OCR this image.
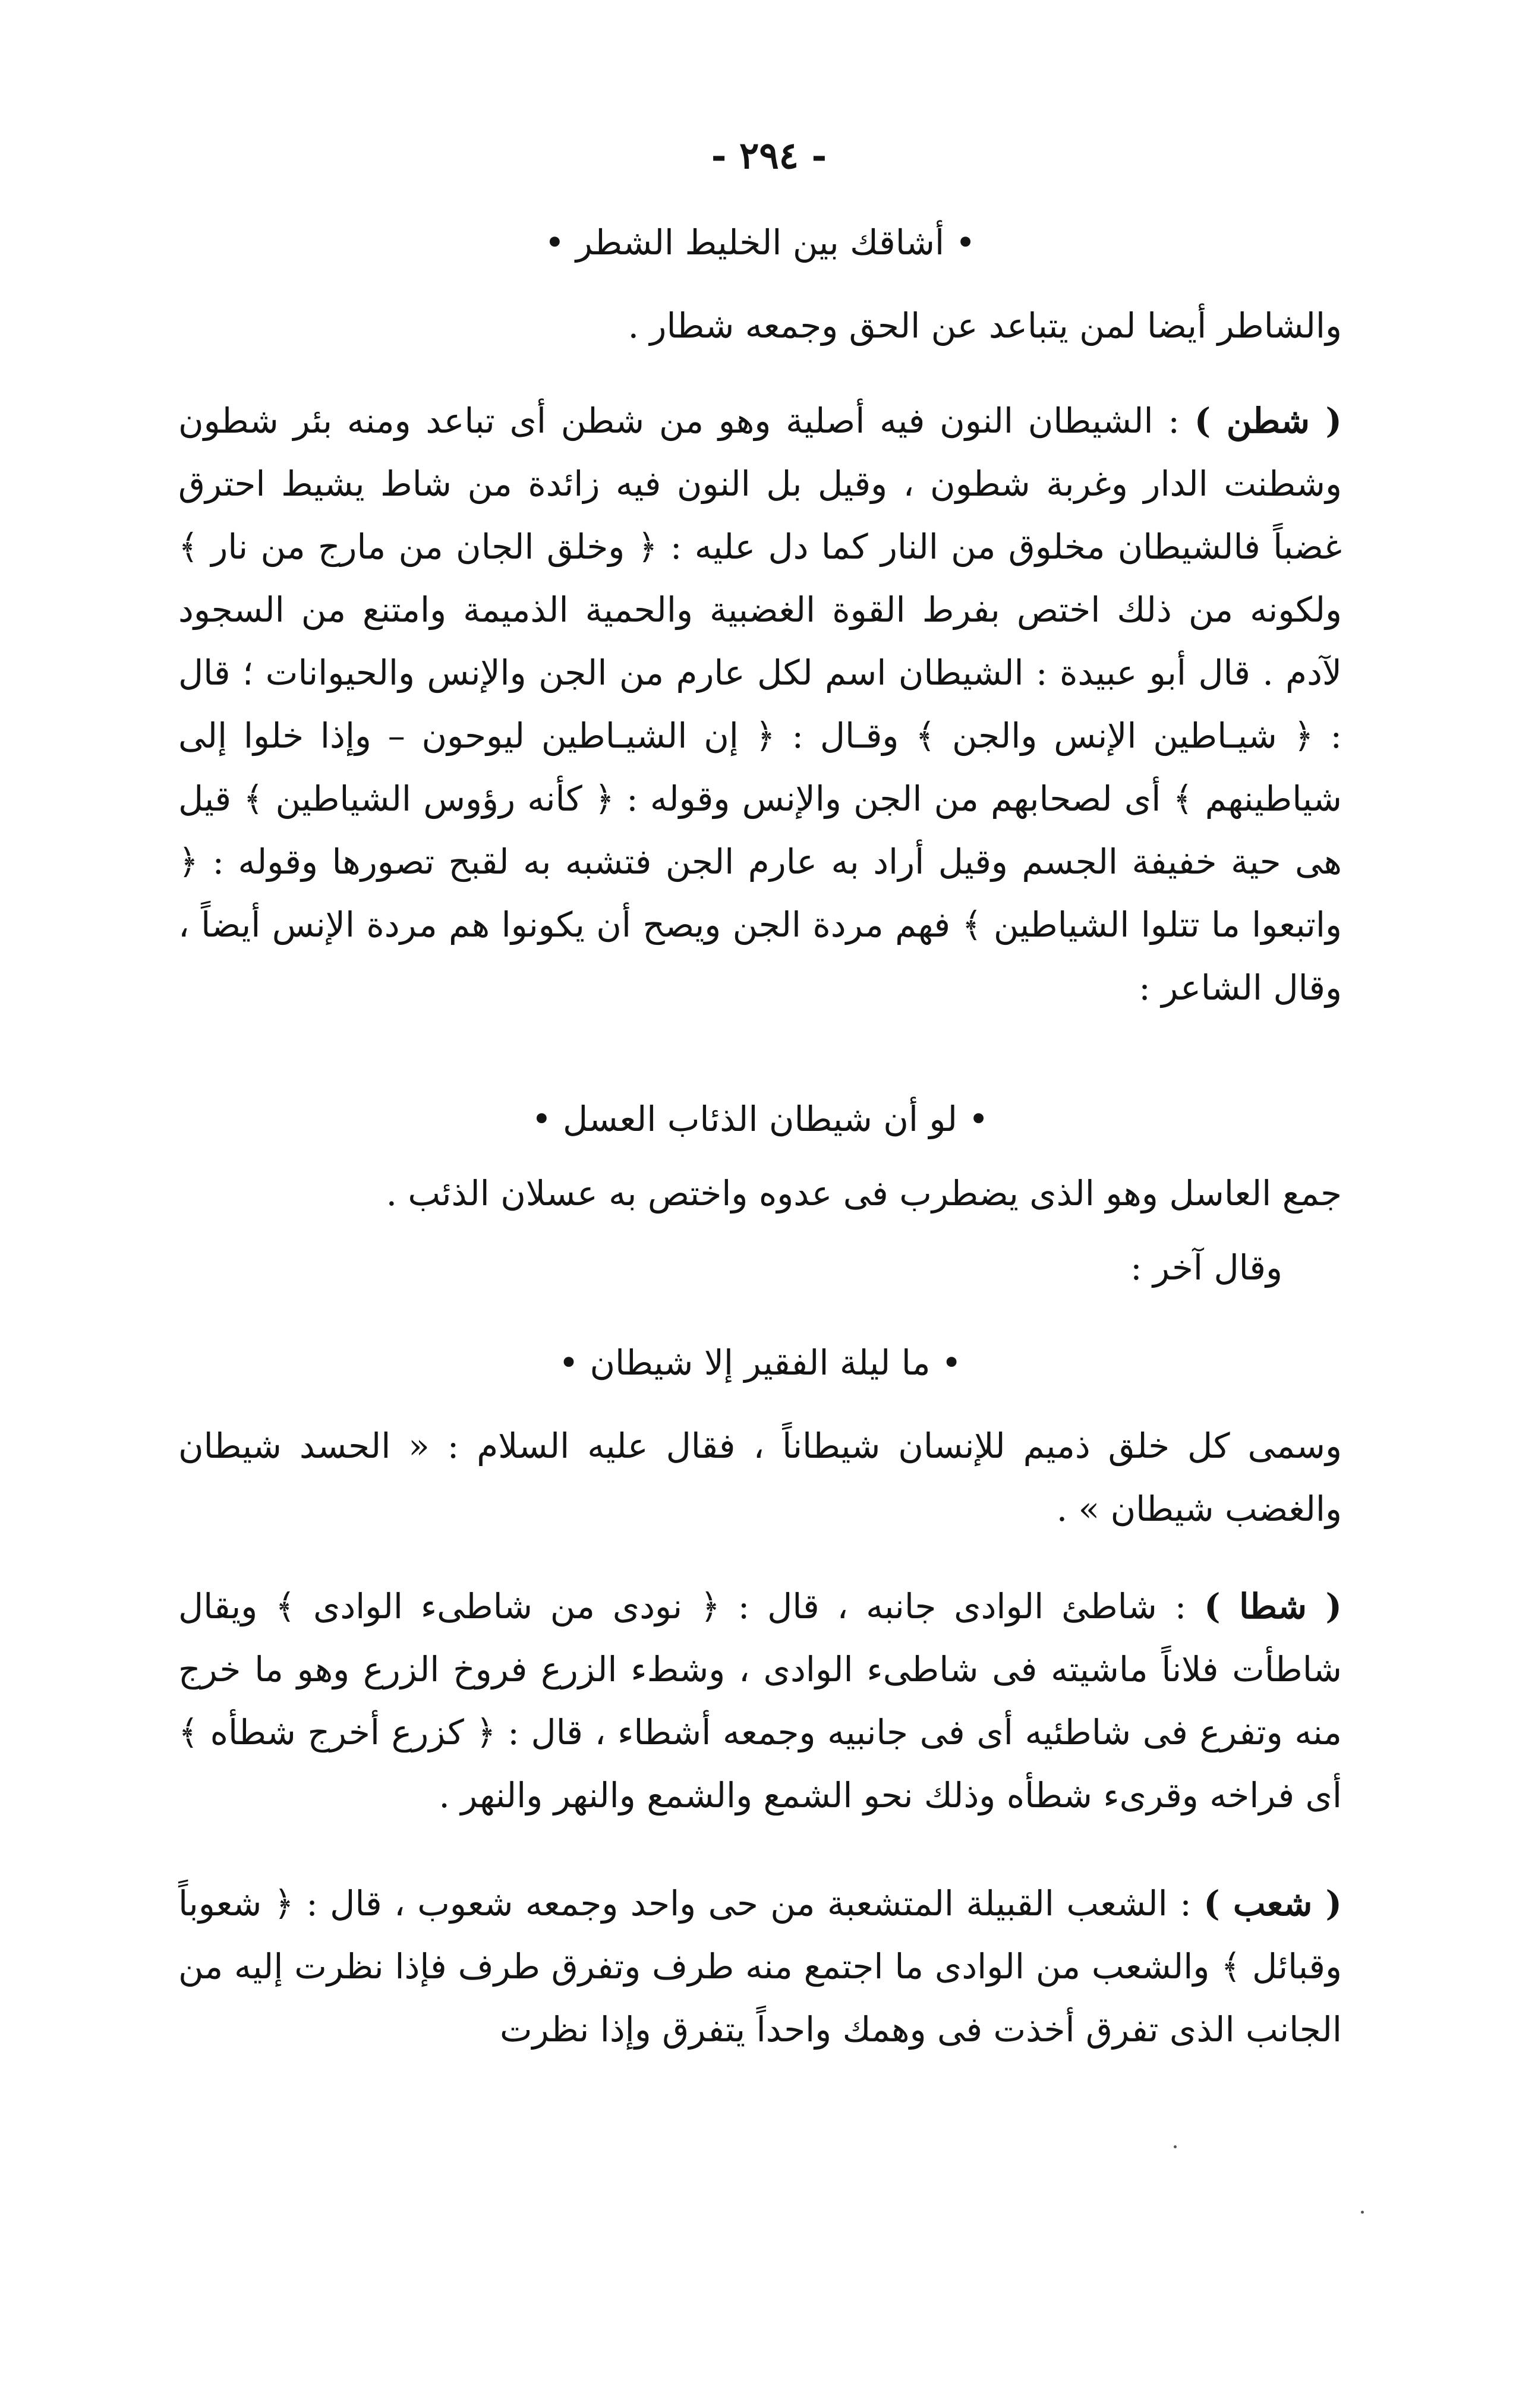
- ٢٩٤ -
• أشاقك بين الخليط الشطر •
والشاطر أيضا لمن يتباعد عن الحق وجمعه شطار .
( شطن ) : الشيطان النون فيه أصلية وهو من شطن أى تباعد ومنه بئر شطون وشطنت الدار وغربة شطون ، وقيل بل النون فيه زائدة من شاط يشيط احترق غضباً فالشيطان مخلوق من النار كما دل عليه : ﴿ وخلق الجان من مارج من نار ﴾ ولكونه من ذلك اختص بفرط القوة الغضبية والحمية الذميمة وامتنع من السجود لآدم . قال أبو عبيدة : الشيطان اسم لكل عارم من الجن والإنس والحيوانات ؛ قال : ﴿ شيـاطين الإنس والجن ﴾ وقـال : ﴿ إن الشيـاطين ليوحون – وإذا خلوا إلى شياطينهم ﴾ أى لصحابهم من الجن والإنس وقوله : ﴿ كأنه رؤوس الشياطين ﴾ قيل هى حية خفيفة الجسم وقيل أراد به عارم الجن فتشبه به لقبح تصورها وقوله : ﴿ واتبعوا ما تتلوا الشياطين ﴾ فهم مردة الجن ويصح أن يكونوا هم مردة الإنس أيضاً ، وقال الشاعر :
• لو أن شيطان الذئاب العسل •
جمع العاسل وهو الذى يضطرب فى عدوه واختص به عسلان الذئب .
وقال آخر :
• ما ليلة الفقير إلا شيطان •
وسمى كل خلق ذميم للإنسان شيطاناً ، فقال عليه السلام : « الحسد شيطان والغضب شيطان » .
( شطا ) : شاطئ الوادى جانبه ، قال : ﴿ نودى من شاطىء الوادى ﴾ ويقال شاطأت فلاناً ماشيته فى شاطىء الوادى ، وشطء الزرع فروخ الزرع وهو ما خرج منه وتفرع فى شاطئيه أى فى جانبيه وجمعه أشطاء ، قال : ﴿ كزرع أخرج شطأه ﴾ أى فراخه وقرىء شطأه وذلك نحو الشمع والشمع والنهر والنهر .
( شعب ) : الشعب القبيلة المتشعبة من حى واحد وجمعه شعوب ، قال : ﴿ شعوباً وقبائل ﴾ والشعب من الوادى ما اجتمع منه طرف وتفرق طرف فإذا نظرت إليه من الجانب الذى تفرق أخذت فى وهمك واحداً يتفرق وإذا نظرت
